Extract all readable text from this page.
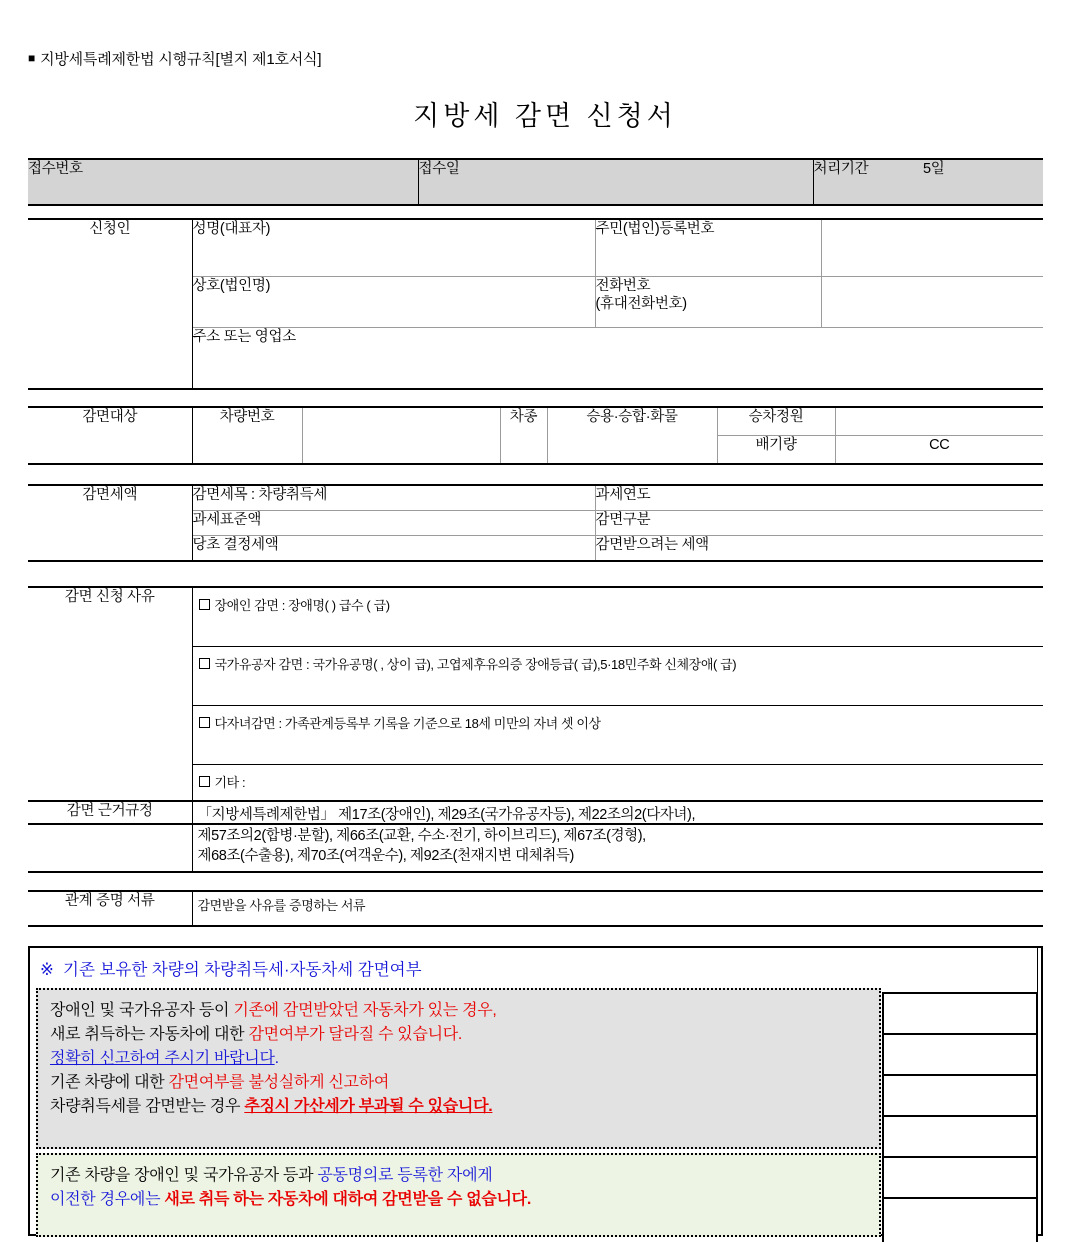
■ 지방세특례제한법 시행규칙[별지 제1호서식]
지방세 감면 신청서
접수번호	접수일	처리기간	5일
신청인	성명(대표자)	주민(법인)등록번호	
	상호(법인명)	전화번호
(휴대전화번호)	

	주소 또는 영업소		
감면대상	차량번호		차종	승용·승합·화물	승차정원	
					배기량	CC
감면세액	감면세목 : 차량취득세	과세연도
	과세표준액	감면구분
	당초 결정세액	감면받으려는 세액
감면 신청 사유	장애인 감면 : 장애명( ) 급수 ( 급)
국가유공자 감면 : 국가유공명( , 상이 급), 고엽제후유의증 장애등급( 급),5·18민주화 신체장애( 급)
다자녀감면 : 가족관계등록부 기록을 기준으로 18세 미만의 자녀 셋 이상
기타 :
감면 근거규정	「지방세특례제한법」 제17조(장애인), 제29조(국가유공자등), 제22조의2(다자녀),
제57조의2(합병·분할), 제66조(교환, 수소·전기, 하이브리드), 제67조(경형),
제68조(수출용), 제70조(여객운수), 제92조(천재지변 대체취득)
관계 증명 서류	감면받을 사유를 증명하는 서류
※ 기존 보유한 차량의 차량취득세·자동차세 감면여부
장애인 및 국가유공자 등이 기존에 감면받았던 자동차가 있는 경우,
새로 취득하는 자동차에 대한 감면여부가 달라질 수 있습니다.
정확히 신고하여 주시기 바랍니다.
기존 차량에 대한 감면여부를 불성실하게 신고하여
차량취득세를 감면받는 경우 추징시 가산세가 부과될 수 있습니다.
기존 차량을 장애인 및 국가유공자 등과 공동명의로 등록한 자에게
이전한 경우에는 새로 취득 하는 자동차에 대하여 감면받을 수 없습니다.
